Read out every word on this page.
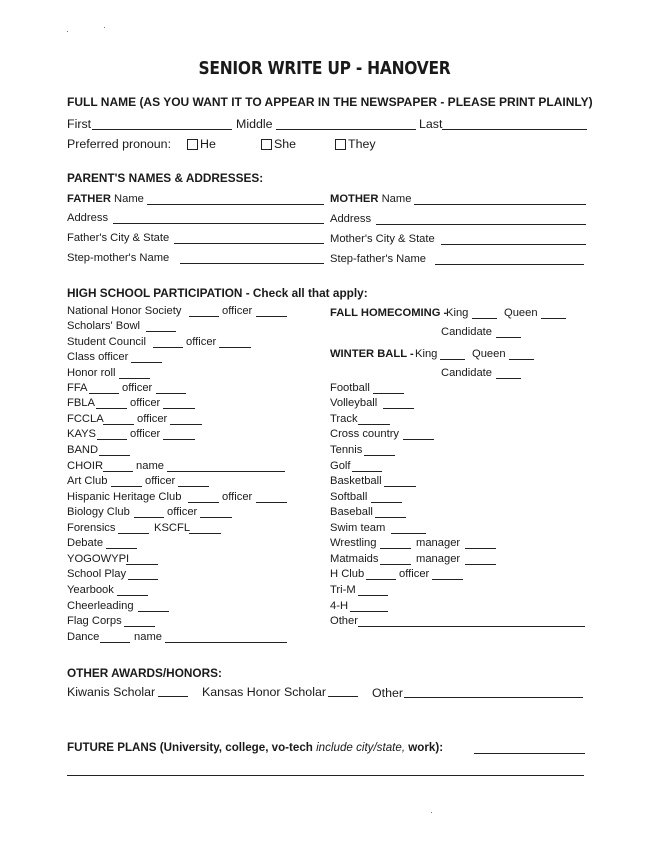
SENIOR WRITE UP - HANOVER
FULL NAME (AS YOU WANT IT TO APPEAR IN THE NEWSPAPER - PLEASE PRINT PLAINLY)
First	Middle	Last
Preferred pronoun: He	She	They
PARENT'S NAMES & ADDRESSES:
FATHER Name	MOTHER Name
Address	Address
Father's City & State	Mother's City & State
Step-mother's Name	Step-father's Name
HIGH SCHOOL PARTICIPATION - Check all that apply:
National Honor Society	officer
Scholars' Bowl
Student Council	officer
Class officer
Honor roll
FFA	officer
FBLA	officer
FCCLA	officer
KAYS	officer
BAND
CHOIR	name
Art Club	officer
Hispanic Heritage Club	officer
Biology Club	officer
Forensics	KSCFL
Debate
YOGOWYPI
School Play
Yearbook
Cheerleading
Flag Corps
Dance	name
FALL HOMECOMING -
King	Queen
Candidate
WINTER BALL - King	Queen
Candidate
Football
Volleyball
Track
Cross country
Tennis
Golf
Basketball
Softball
Baseball
Swim team
Wrestling	manager
Matmaids	manager
H Club	officer
Tri-M
4-H
Other
OTHER AWARDS/HONORS:
Kiwanis Scholar	Kansas Honor Scholar	Other
FUTURE PLANS (University, college, vo-tech include city/state, work):
